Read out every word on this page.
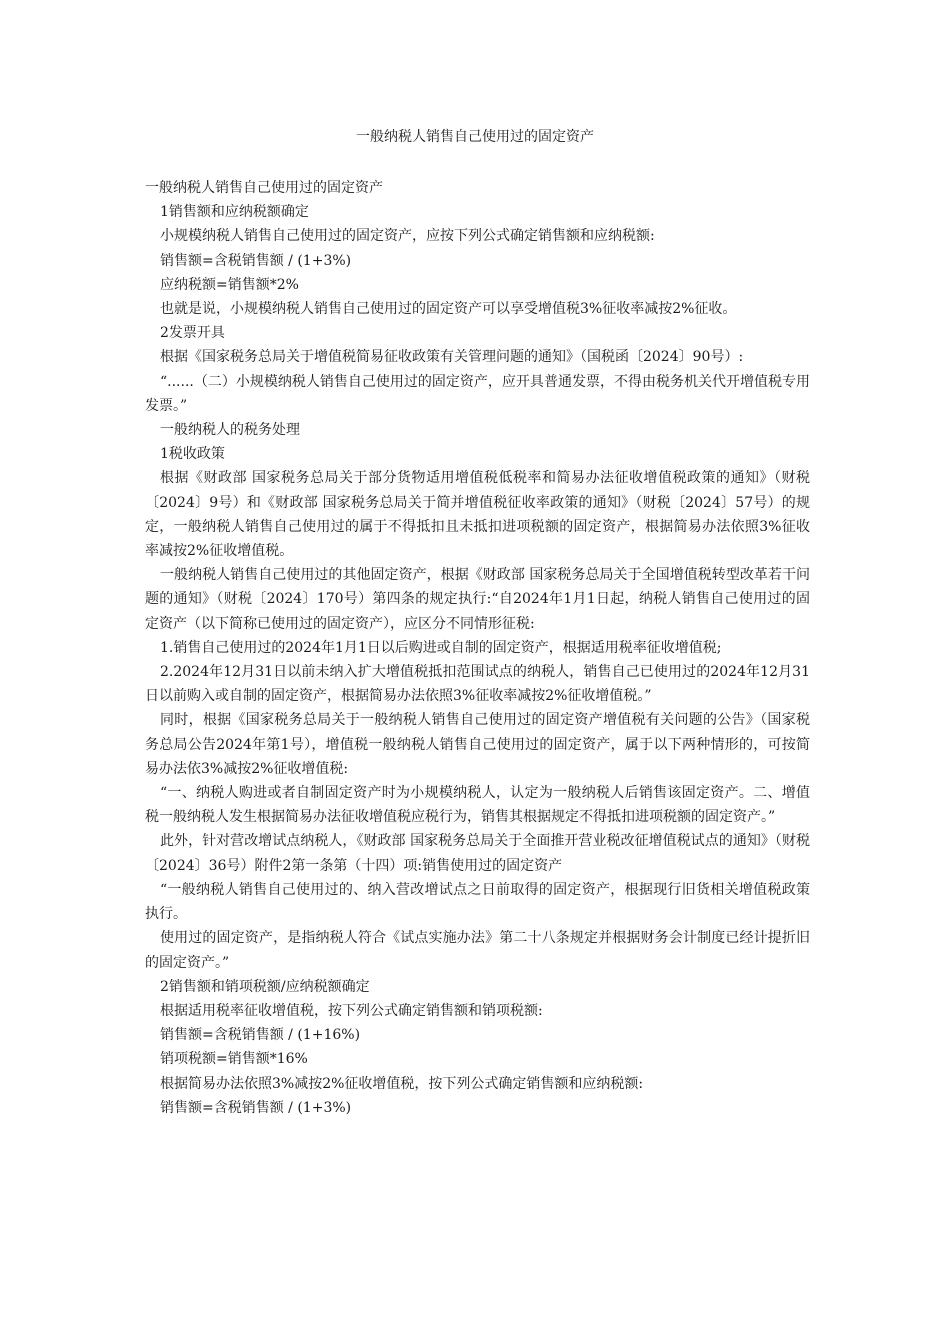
一般纳税人销售自己使用过的固定资产

一般纳税人销售自己使用过的固定资产

1销售额和应纳税额确定

小规模纳税人销售自己使用过的固定资产，应按下列公式确定销售额和应纳税额:

销售额=含税销售额 / (1+3%)

应纳税额=销售额*2%

也就是说，小规模纳税人销售自己使用过的固定资产可以享受增值税3%征收率减按2%征收。

2发票开具

根据《国家税务总局关于增值税简易征收政策有关管理问题的通知》（国税函〔2024〕90号）:

“......（二）小规模纳税人销售自己使用过的固定资产，应开具普通发票，不得由税务机关代开增值税专用发票。”

一般纳税人的税务处理

1税收政策

根据《财政部 国家税务总局关于部分货物适用增值税低税率和简易办法征收增值税政策的通知》（财税〔2024〕9号）和《财政部 国家税务总局关于简并增值税征收率政策的通知》（财税〔2024〕57号）的规定，一般纳税人销售自己使用过的属于不得抵扣且未抵扣进项税额的固定资产，根据简易办法依照3%征收率减按2%征收增值税。

一般纳税人销售自己使用过的其他固定资产，根据《财政部 国家税务总局关于全国增值税转型改革若干问题的通知》（财税〔2024〕170号）第四条的规定执行:“自2024年1月1日起，纳税人销售自己使用过的固定资产（以下简称已使用过的固定资产），应区分不同情形征税:

1.销售自己使用过的2024年1月1日以后购进或自制的固定资产，根据适用税率征收增值税;

2.2024年12月31日以前未纳入扩大增值税抵扣范围试点的纳税人，销售自己已使用过的2024年12月31日以前购入或自制的固定资产，根据简易办法依照3%征收率减按2%征收增值税。”

同时，根据《国家税务总局关于一般纳税人销售自己使用过的固定资产增值税有关问题的公告》（国家税务总局公告2024年第1号），增值税一般纳税人销售自己使用过的固定资产，属于以下两种情形的，可按简易办法依3%减按2%征收增值税:

“一、纳税人购进或者自制固定资产时为小规模纳税人，认定为一般纳税人后销售该固定资产。二、增值税一般纳税人发生根据简易办法征收增值税应税行为，销售其根据规定不得抵扣进项税额的固定资产。”

此外，针对营改增试点纳税人，《财政部 国家税务总局关于全面推开营业税改征增值税试点的通知》（财税〔2024〕36号）附件2第一条第（十四）项:销售使用过的固定资产

“一般纳税人销售自己使用过的、纳入营改增试点之日前取得的固定资产，根据现行旧货相关增值税政策执行。

使用过的固定资产，是指纳税人符合《试点实施办法》第二十八条规定并根据财务会计制度已经计提折旧的固定资产。”

2销售额和销项税额/应纳税额确定

根据适用税率征收增值税，按下列公式确定销售额和销项税额:

销售额=含税销售额 / (1+16%)

销项税额=销售额*16%

根据简易办法依照3%减按2%征收增值税，按下列公式确定销售额和应纳税额:

销售额=含税销售额 / (1+3%)
